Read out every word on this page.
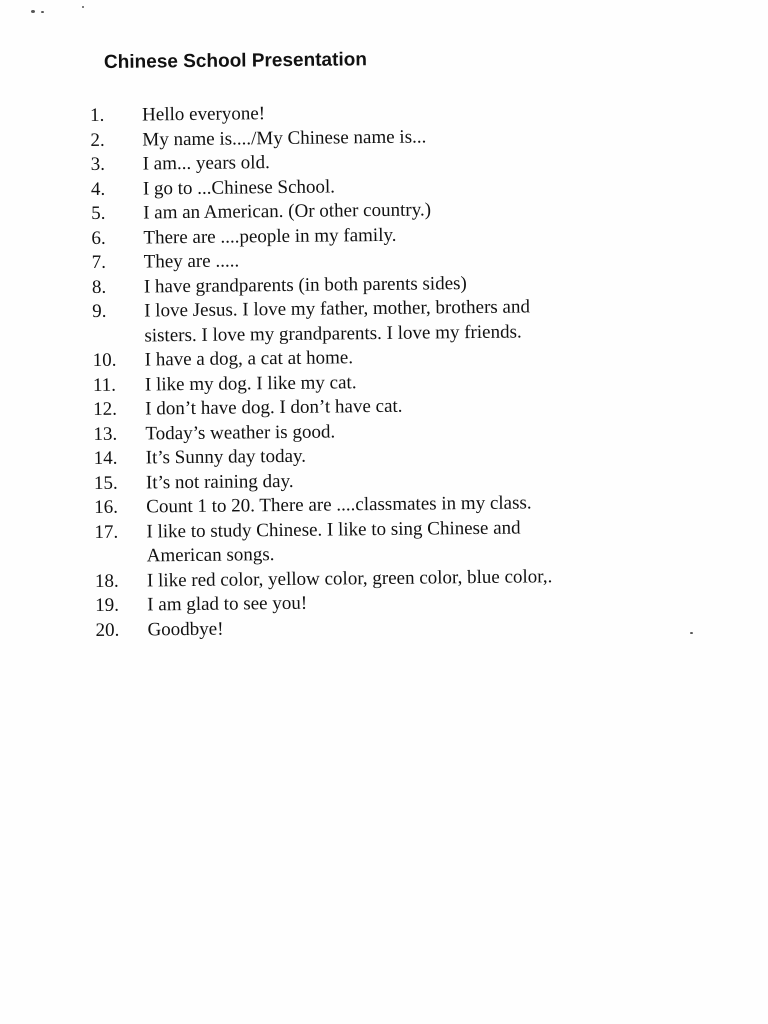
Chinese School Presentation
1.	Hello everyone!
2.	My name is..../My Chinese name is...
3.	I am... years old.
4.	I go to ...Chinese School.
5.	I am an American. (Or other country.)
6.	There are ....people in my family.
7.	They are .....
8.	I have grandparents (in both parents sides)
9.	I love Jesus. I love my father, mother, brothers and
sisters. I love my grandparents. I love my friends.
10.	I have a dog, a cat at home.
11.	I like my dog. I like my cat.
12.	I don’t have dog. I don’t have cat.
13.	Today’s weather is good.
14.	It’s Sunny day today.
15.	It’s not raining day.
16.	Count 1 to 20. There are ....classmates in my class.
17.	I like to study Chinese. I like to sing Chinese and
American songs.
18.	I like red color, yellow color, green color, blue color,.
19.	I am glad to see you!
20.	Goodbye!
